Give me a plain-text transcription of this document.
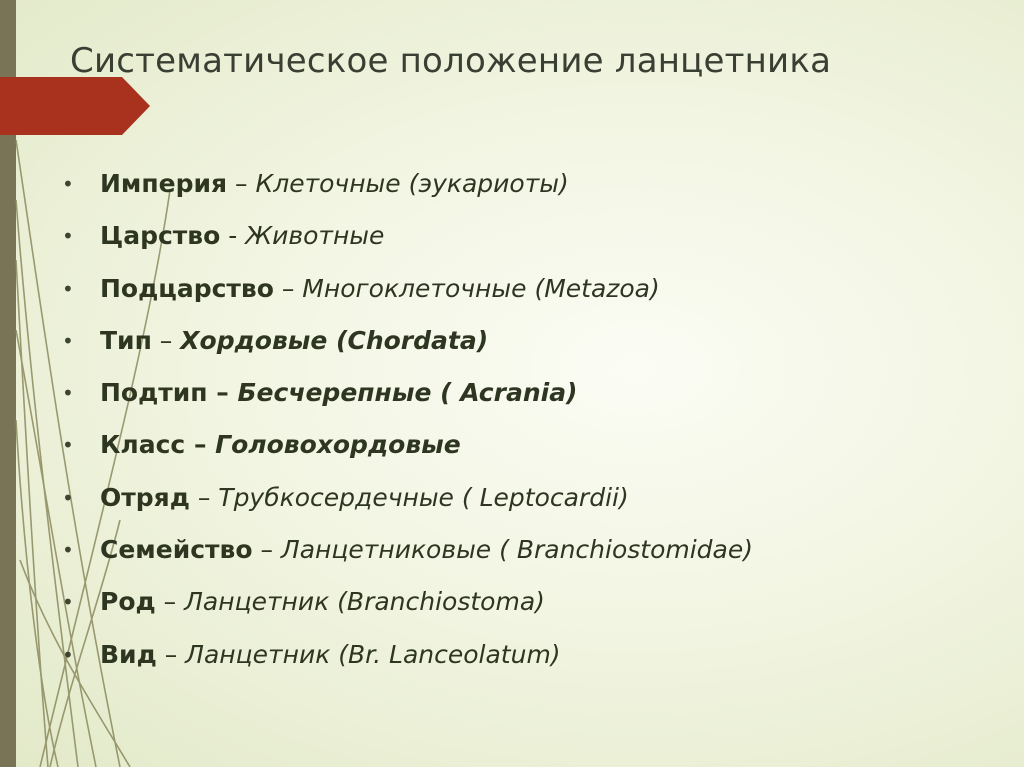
Систематическое положение ланцетника
• Империя – Клеточные (эукариоты)
• Царство - Животные
• Подцарство – Многоклеточные (Metazoa)
• Тип – Хордовые (Chordata)
• Подтип – Бесчерепные ( Acrania)
• Класс – Головохордовые
• Отряд – Трубкосердечные ( Leptocardii)
• Семейство – Ланцетниковые ( Branchiostomidae)
• Род – Ланцетник (Branchiostoma)
• Вид – Ланцетник (Br. Lanceolatum)
